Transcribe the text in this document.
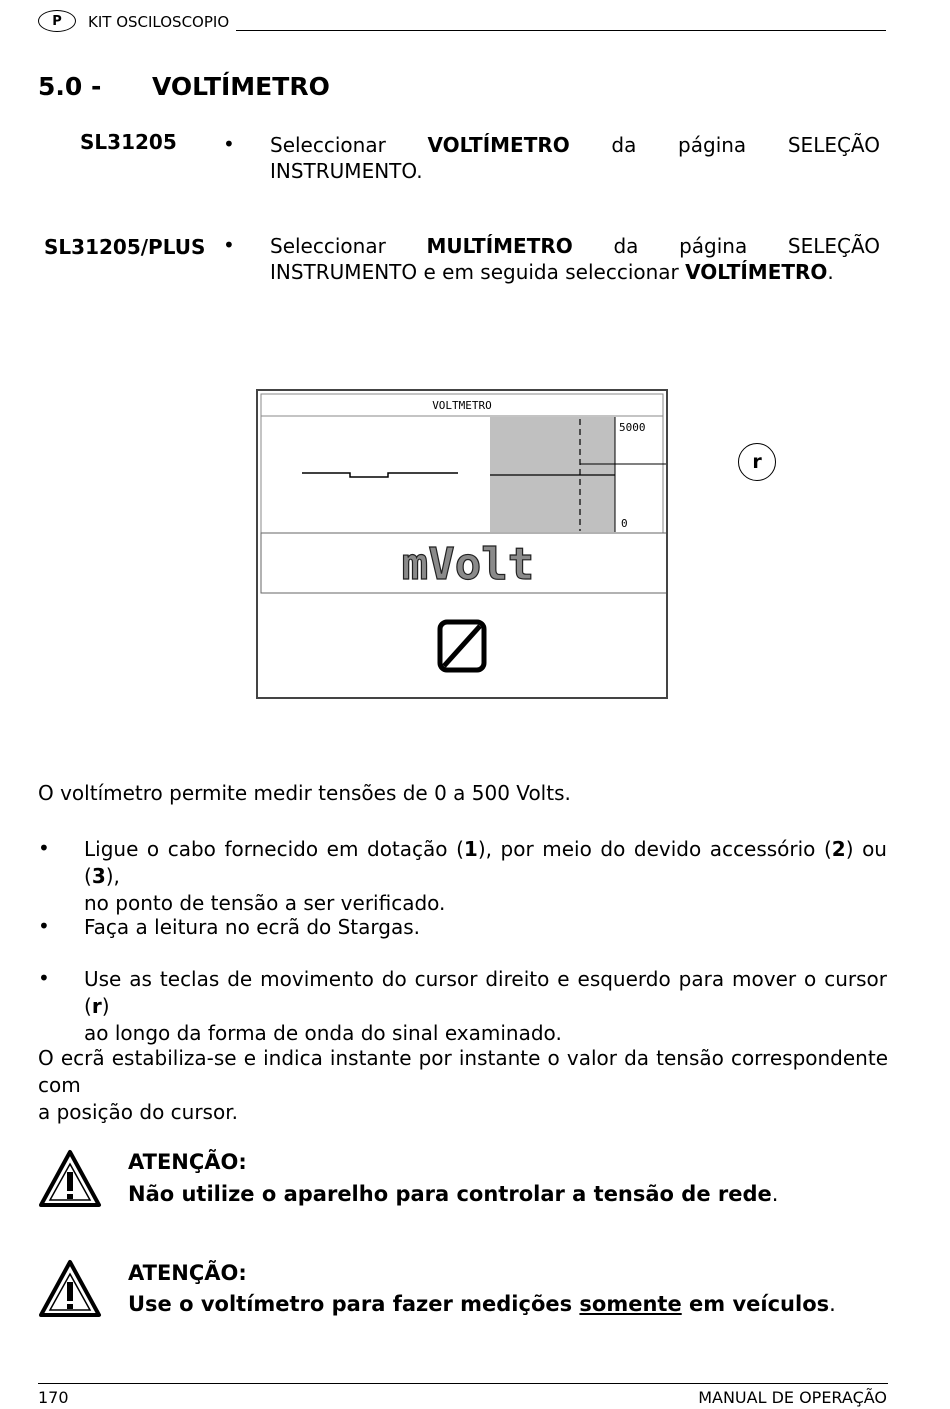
P	KIT OSCILOSCOPIO
5.0 - VOLTÍMETRO
SL31205 • Seleccionar VOLTÍMETRO da página SELEÇÃO
INSTRUMENTO.
SL31205/PLUS • Seleccionar MULTÍMETRO da página SELEÇÃO
INSTRUMENTO e em seguida seleccionar VOLTÍMETRO.
VOLTMETRO
5000
0
mVolt
r
O voltímetro permite medir tensões de 0 a 500 Volts.
• Ligue o cabo fornecido em dotação (1), por meio do devido accessório (2) ou (3),
no ponto de tensão a ser verificado.
• Faça a leitura no ecrã do Stargas.
• Use as teclas de movimento do cursor direito e esquerdo para mover o cursor (r)
ao longo da forma de onda do sinal examinado.
O ecrã estabiliza-se e indica instante por instante o valor da tensão correspondente com
a posição do cursor.
ATENÇÃO:
Não utilize o aparelho para controlar a tensão de rede.
ATENÇÃO:
Use o voltímetro para fazer medições somente em veículos.
170	MANUAL DE OPERAÇÃO
